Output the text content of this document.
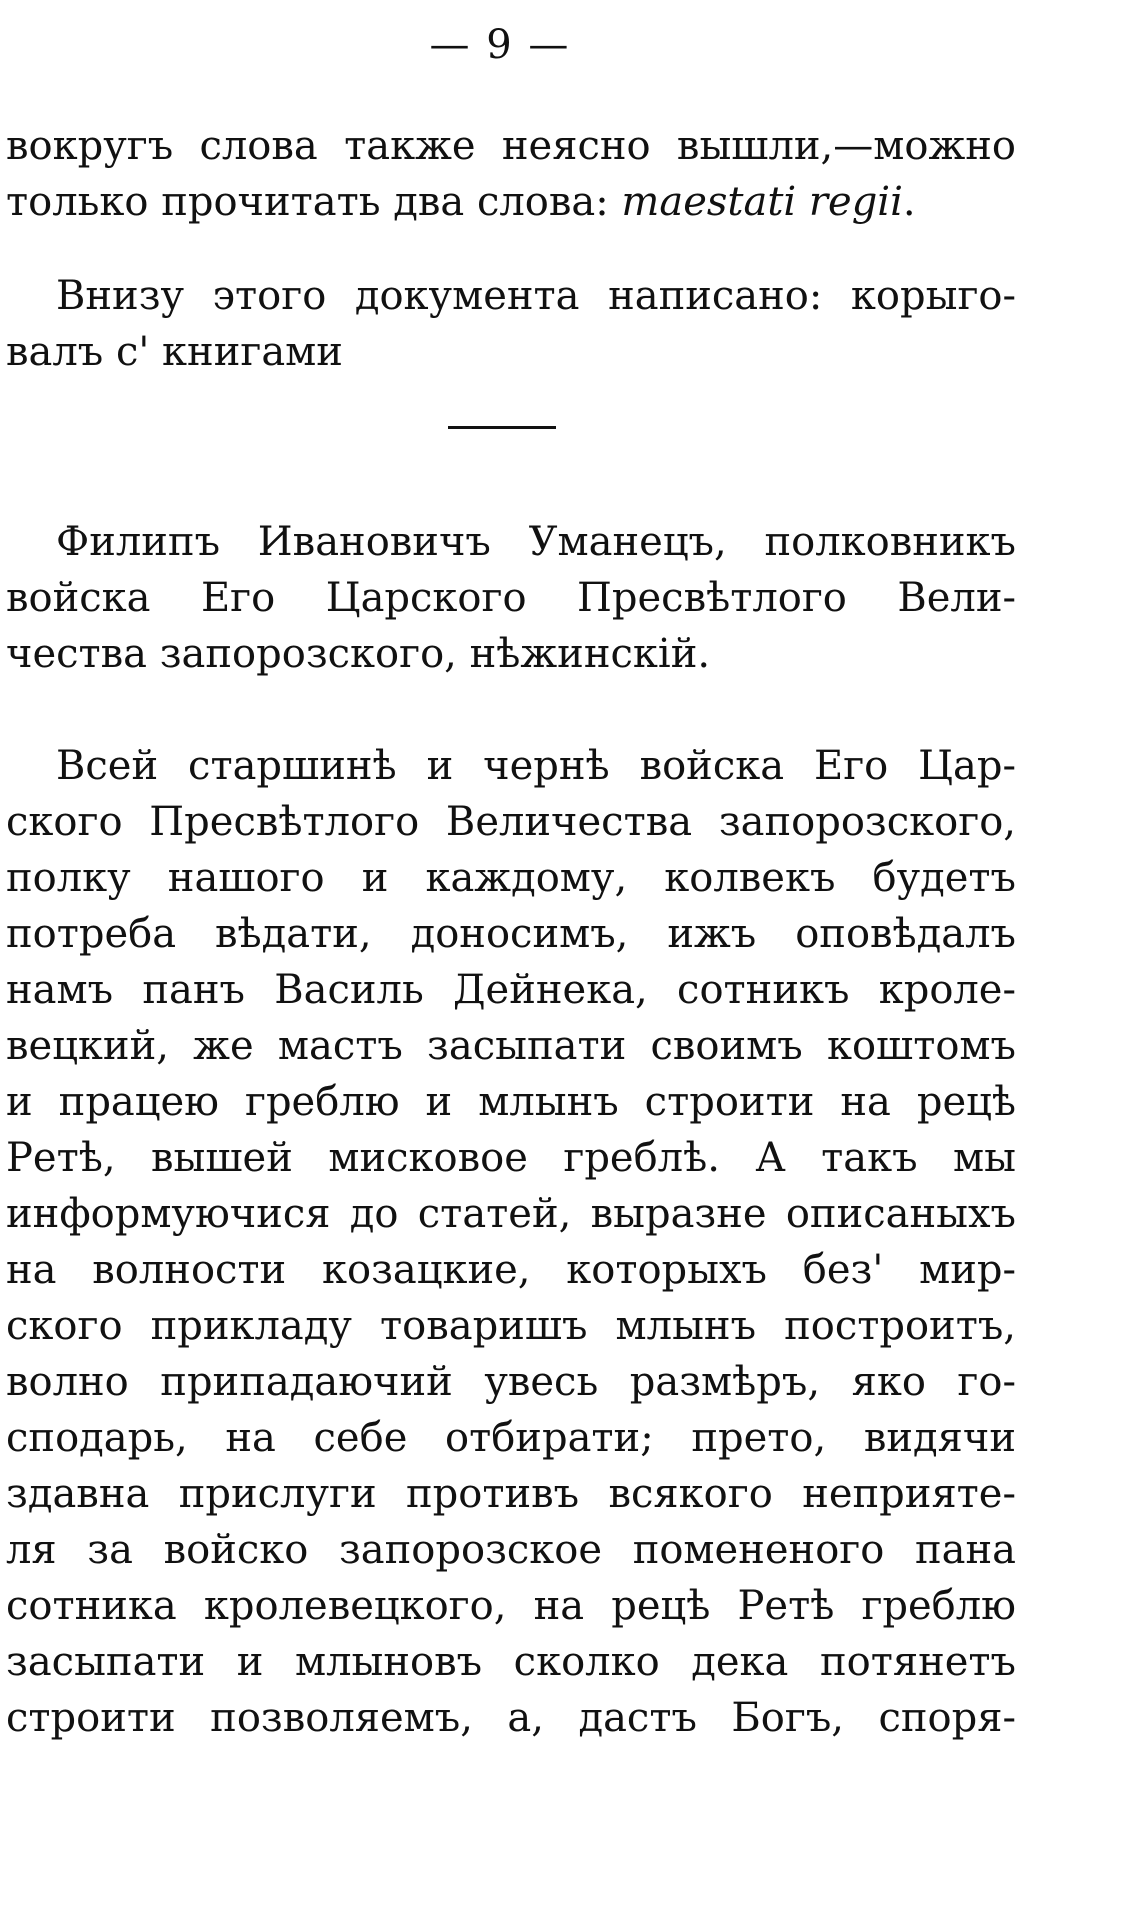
— 9 —
вокругъ слова также неясно вышли,—можно
только прочитать два слова: maestati regii.
Внизу этого документа написано: корыго-
валъ с' книгами
Филипъ Ивановичъ Уманецъ, полковникъ
войска Его Царского Пресвѣтлого Вели-
чества запорозского, нѣжинскій.
Всей старшинѣ и чернѣ войска Его Цар-
ского Пресвѣтлого Величества запорозского,
полку нашого и каждому, колвекъ будетъ
потреба вѣдати, доносимъ, ижъ оповѣдалъ
намъ панъ Василь Дейнека, сотникъ кроле-
вецкий, же мастъ засыпати своимъ коштомъ
и працею греблю и млынъ строити на рецѣ
Ретѣ, вышей мисковое греблѣ. А такъ мы
информуючися до статей, выразне описаныхъ
на волности козацкие, которыхъ без' мир-
ского прикладу товаришъ млынъ построитъ,
волно припадаючий увесь размѣръ, яко го-
сподарь, на себе отбирати; прето, видячи
здавна прислуги противъ всякого неприяте-
ля за войско запорозское помененого пана
сотника кролевецкого, на рецѣ Ретѣ греблю
засыпати и млыновъ сколко дека потянетъ
строити позволяемъ, а, дастъ Богъ, споря-
